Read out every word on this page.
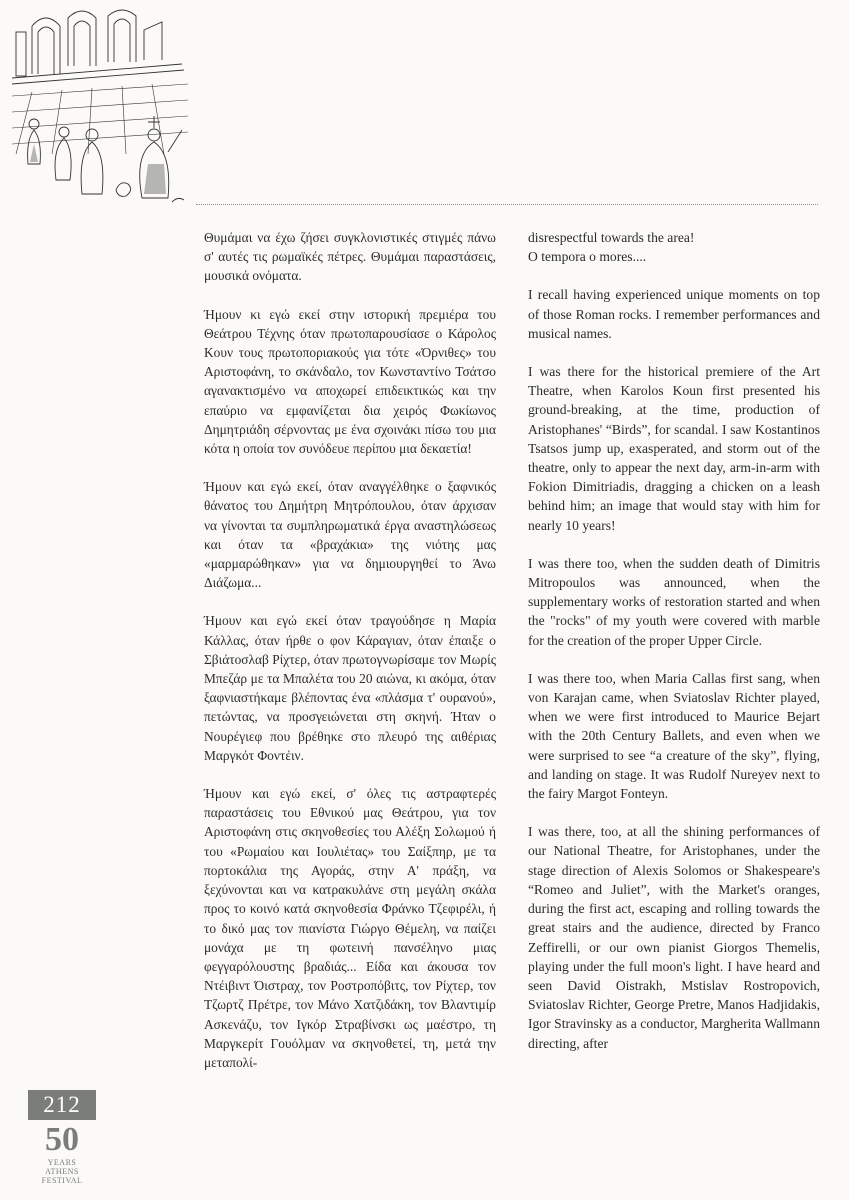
Θυμάμαι να έχω ζήσει συγκλονιστικές στιγμές πάνω σ' αυτές τις ρωμαϊκές πέτρες. Θυμάμαι παραστάσεις, μουσικά ονόματα.

Ήμουν κι εγώ εκεί στην ιστορική πρεμιέρα του Θεάτρου Τέχνης όταν πρωτοπαρουσίασε ο Κάρολος Κουν τους πρωτοποριακούς για τότε «Όρνιθες» του Αριστοφάνη, το σκάνδαλο, τον Κωνσταντίνο Τσάτσο αγανακτισμένο να αποχωρεί επιδεικτικώς και την επαύριο να εμφανίζεται δια χειρός Φωκίωνος Δημητριάδη σέρνοντας με ένα σχοινάκι πίσω του μια κότα η οποία τον συνόδευε περίπου μια δεκαετία!

Ήμουν και εγώ εκεί, όταν αναγγέλθηκε ο ξαφνικός θάνατος του Δημήτρη Μητρόπουλου, όταν άρχισαν να γίνονται τα συμπληρωματικά έργα αναστηλώσεως και όταν τα «βραχάκια» της νιότης μας «μαρμαρώθηκαν» για να δημιουργηθεί το Άνω Διάζωμα...

Ήμουν και εγώ εκεί όταν τραγούδησε η Μαρία Κάλλας, όταν ήρθε ο φον Κάραγιαν, όταν έπαιξε ο Σβιάτοσλαβ Ρίχτερ, όταν πρωτογνωρίσαμε τον Μωρίς Μπεζάρ με τα Μπαλέτα του 20 αιώνα, κι ακόμα, όταν ξαφνιαστήκαμε βλέποντας ένα «πλάσμα τ' ουρανού», πετώντας, να προσγειώνεται στη σκηνή. Ήταν ο Νουρέγιεφ που βρέθηκε στο πλευρό της αιθέριας Μαργκότ Φοντέιν.

Ήμουν και εγώ εκεί, σ' όλες τις αστραφτερές παραστάσεις του Εθνικού μας Θεάτρου, για τον Αριστοφάνη στις σκηνοθεσίες του Αλέξη Σολωμού ή του «Ρωμαίου και Ιουλιέτας» του Σαίξπηρ, με τα πορτοκάλια της Αγοράς, στην Α' πράξη, να ξεχύνονται και να κατρακυλάνε στη μεγάλη σκάλα προς το κοινό κατά σκηνοθεσία Φράνκο Τζεφιρέλι, ή το δικό μας τον πιανίστα Γιώργο Θέμελη, να παίζει μονάχα με τη φωτεινή πανσέληνο μιας φεγγαρόλουστης βραδιάς... Είδα και άκουσα τον Ντέιβιντ Όιστραχ, τον Ροστροπόβιτς, τον Ρίχτερ, τον Τζωρτζ Πρέτρε, τον Μάνο Χατζιδάκη, τον Βλαντιμίρ Ασκενάζυ, τον Ιγκόρ Στραβίνσκι ως μαέστρο, τη Μαργκερίτ Γουόλμαν να σκηνοθετεί, τη, μετά την μεταπολί-

disrespectful towards the area!

O tempora o mores....

I recall having experienced unique moments on top of those Roman rocks. I remember performances and musical names.

I was there for the historical premiere of the Art Theatre, when Karolos Koun first presented his ground-breaking, at the time, production of Aristophanes' “Birds”, for scandal. I saw Kostantinos Tsatsos jump up, exasperated, and storm out of the theatre, only to appear the next day, arm-in-arm with Fokion Dimitriadis, dragging a chicken on a leash behind him; an image that would stay with him for nearly 10 years!

I was there too, when the sudden death of Dimitris Mitropoulos was announced, when the supplementary works of restoration started and when the "rocks" of my youth were covered with marble for the creation of the proper Upper Circle.

I was there too, when Maria Callas first sang, when von Karajan came, when Sviatoslav Richter played, when we were first introduced to Maurice Bejart with the 20th Century Ballets, and even when we were surprised to see “a creature of the sky”, flying, and landing on stage. It was Rudolf Nureyev next to the fairy Margot Fonteyn.

I was there, too, at all the shining performances of our National Theatre, for Aristophanes, under the stage direction of Alexis Solomos or Shakespeare's “Romeo and Juliet”, with the Market's oranges, during the first act, escaping and rolling towards the great stairs and the audience, directed by Franco Zeffirelli, or our own pianist Giorgos Themelis, playing under the full moon's light. I have heard and seen David Oistrakh, Mstislav Rostropovich, Sviatoslav Richter, George Pretre, Manos Hadjidakis, Igor Stravinsky as a conductor, Margherita Wallmann directing, after

212
50
YEARS
ATHENS
FESTIVAL
